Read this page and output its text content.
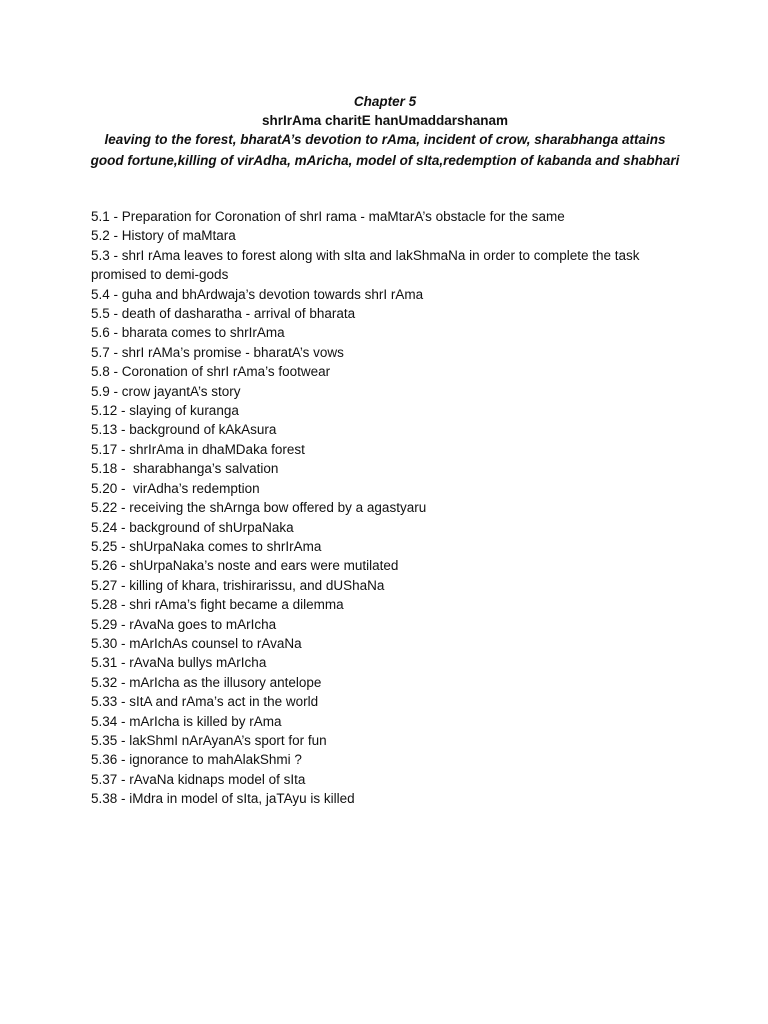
Chapter 5
shrIrAma charitE hanUmaddarshanam
leaving to the forest, bharatA’s devotion to rAma, incident of crow, sharabhanga attains good fortune,killing of virAdha, mAricha, model of sIta,redemption of kabanda and shabhari
5.1 - Preparation for Coronation of shrI rama - maMtarA’s obstacle for the same
5.2 - History of maMtara
5.3 - shrI rAma leaves to forest along with sIta and lakShmaNa in order to complete the task promised to demi-gods
5.4 - guha and bhArdwaja’s devotion towards shrI rAma
5.5 - death of dasharatha - arrival of bharata
5.6 - bharata comes to shrIrAma
5.7 - shrI rAMa’s promise - bharatA’s vows
5.8 - Coronation of shrI rAma’s footwear
5.9 - crow jayantA’s story
5.12 - slaying of kuranga
5.13 - background of kAkAsura
5.17 - shrIrAma in dhaMDaka forest
5.18 -  sharabhanga’s salvation
5.20 -  virAdha’s redemption
5.22 - receiving the shArnga bow offered by a agastyaru
5.24 - background of shUrpaNaka
5.25 - shUrpaNaka comes to shrIrAma
5.26 - shUrpaNaka’s noste and ears were mutilated
5.27 - killing of khara, trishirarissu, and dUShaNa
5.28 - shri rAma’s fight became a dilemma
5.29 - rAvaNa goes to mArIcha
5.30 - mArIchAs counsel to rAvaNa
5.31 - rAvaNa bullys mArIcha
5.32 - mArIcha as the illusory antelope
5.33 - sItA and rAma’s act in the world
5.34 - mArIcha is killed by rAma
5.35 - lakShmI nArAyanA’s sport for fun
5.36 - ignorance to mahAlakShmi ?
5.37 - rAvaNa kidnaps model of sIta
5.38 - iMdra in model of sIta, jaTAyu is killed
